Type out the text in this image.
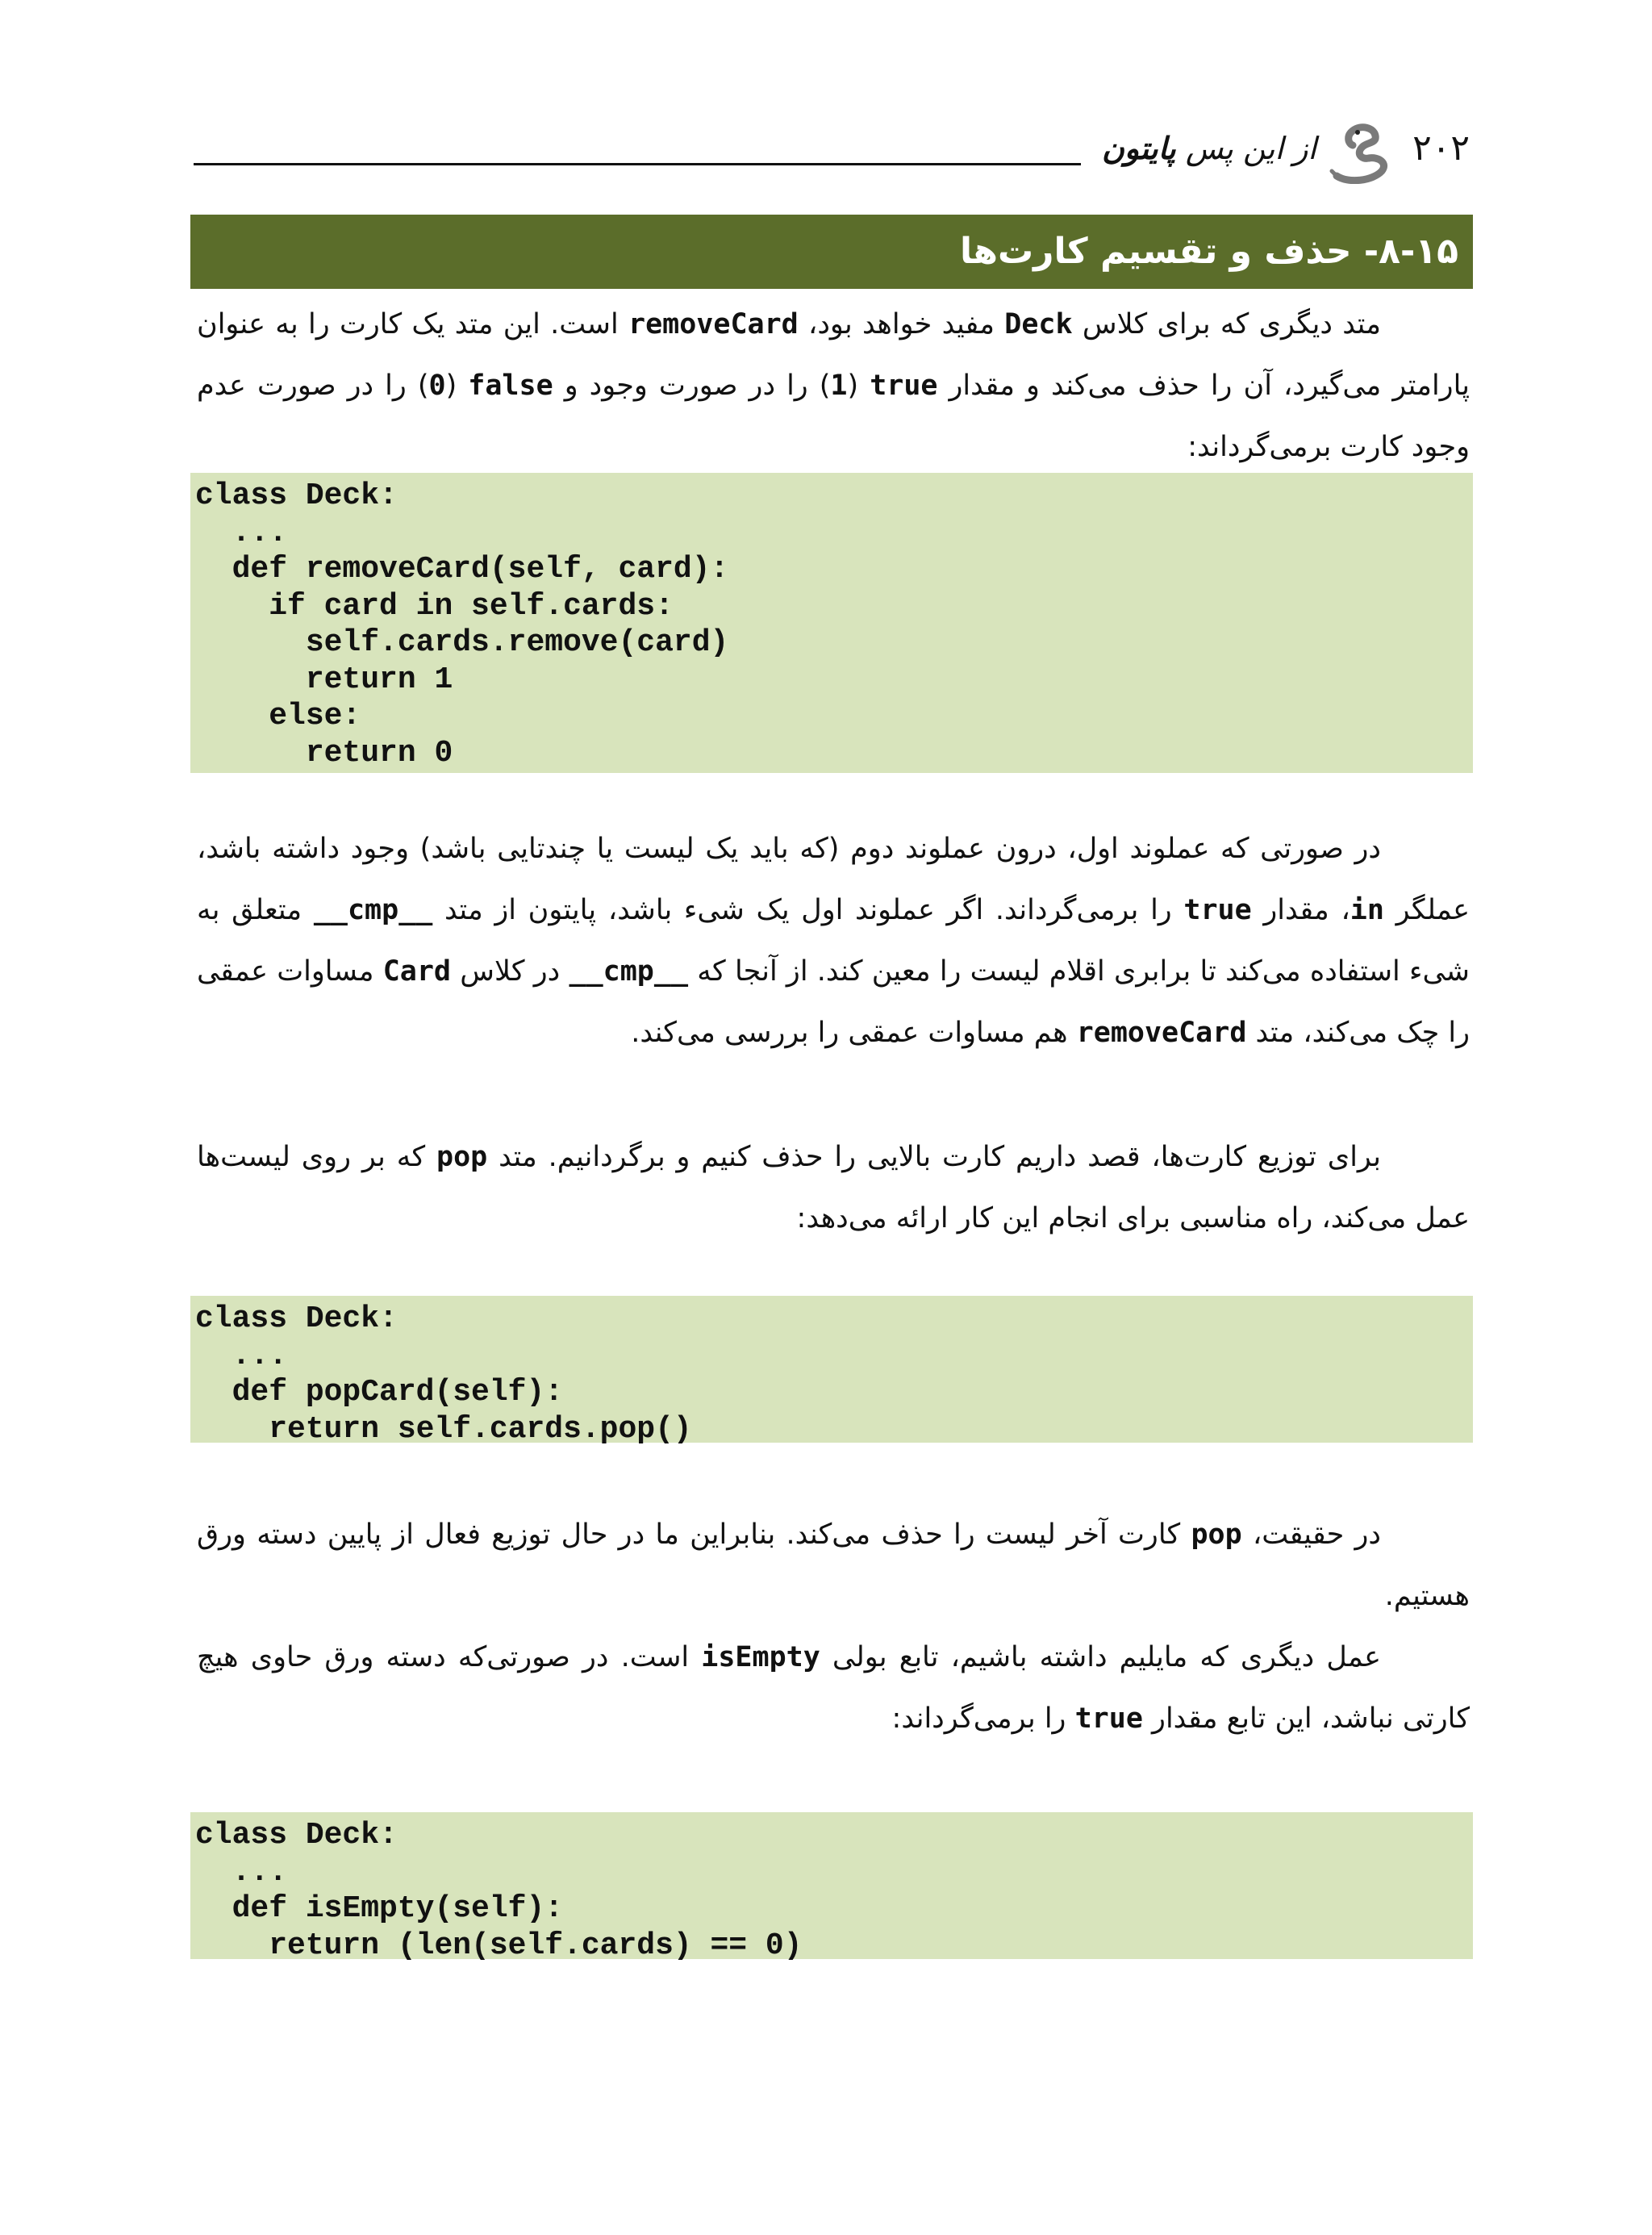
۲۰۲
از این پس پایتون
۸-۱۵- حذف و تقسیم کارت‌ها
متد دیگری که برای کلاس Deck مفید خواهد بود، removeCard است. این متد یک کارت را به عنوان پارامتر می‌گیرد، آن را حذف می‌کند و مقدار true (1) را در صورت وجود و false (0) را در صورت عدم وجود کارت برمی‌گرداند:
class Deck:
...
def removeCard(self, card):
if card in self.cards:
self.cards.remove(card)
return 1
else:
return 0
در صورتی که عملوند اول، درون عملوند دوم (که باید یک لیست یا چندتایی باشد) وجود داشته باشد، عملگر in، مقدار true را برمی‌گرداند. اگر عملوند اول یک شیء باشد، پایتون از متد __cmp__ متعلق به شیء استفاده می‌کند تا برابری اقلام لیست را معین کند. از آنجا که __cmp__ در کلاس Card مساوات عمقی را چک می‌کند، متد removeCard هم مساوات عمقی را بررسی می‌کند.
برای توزیع کارت‌ها، قصد داریم کارت بالایی را حذف کنیم و برگردانیم. متد pop که بر روی لیست‌ها عمل می‌کند، راه مناسبی برای انجام این کار ارائه می‌دهد:
class Deck:
...
def popCard(self):
return self.cards.pop()
در حقیقت، pop کارت آخر لیست را حذف می‌کند. بنابراین ما در حال توزیع فعال از پایین دسته ورق هستیم.
عمل دیگری که مایلیم داشته باشیم، تابع بولی isEmpty است. در صورتی‌که دسته ورق حاوی هیچ کارتی نباشد، این تابع مقدار true را برمی‌گرداند:
class Deck:
...
def isEmpty(self):
return (len(self.cards) == 0)
